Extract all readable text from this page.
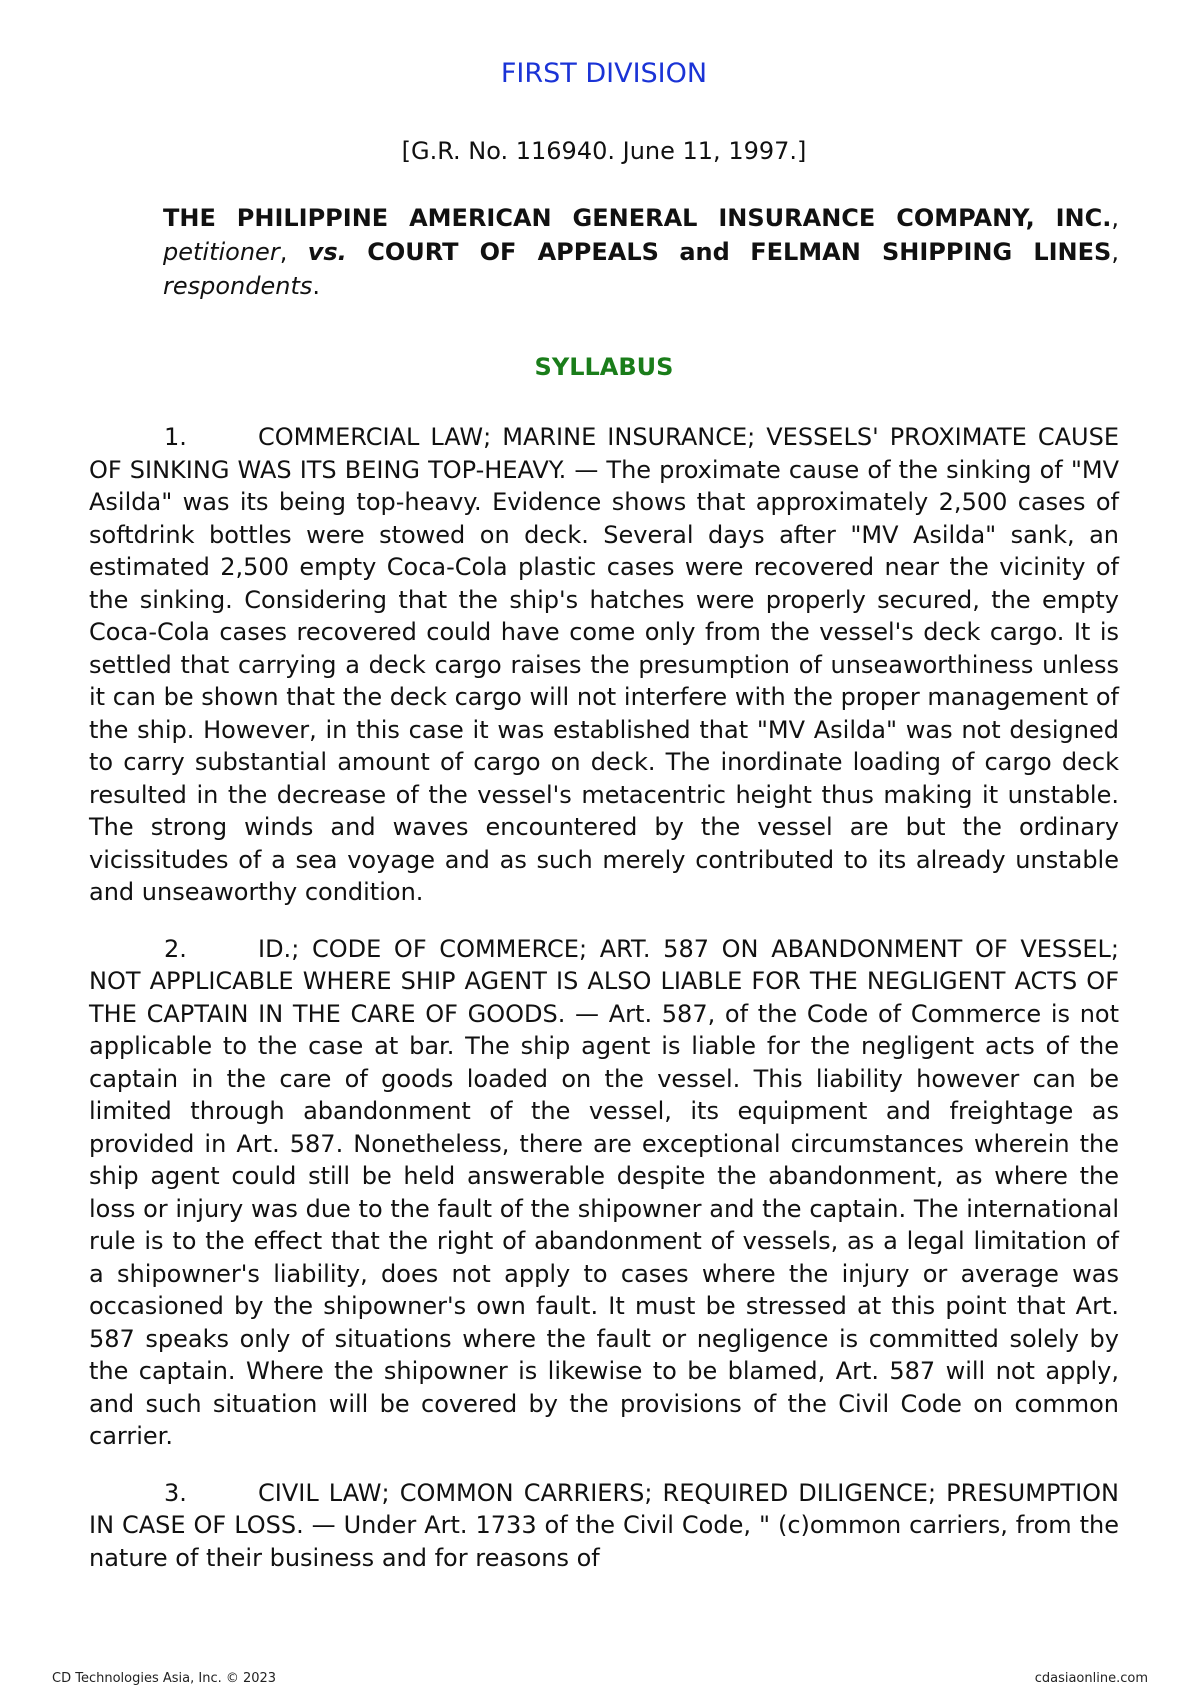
FIRST DIVISION
[G.R. No. 116940. June 11, 1997.]
THE PHILIPPINE AMERICAN GENERAL INSURANCE COMPANY, INC., petitioner, vs. COURT OF APPEALS and FELMAN SHIPPING LINES, respondents.
SYLLABUS

1.	COMMERCIAL LAW; MARINE INSURANCE; VESSELS' PROXIMATE CAUSE OF SINKING WAS ITS BEING TOP-HEAVY. — The proximate cause of the sinking of "MV Asilda" was its being top-heavy. Evidence shows that approximately 2,500 cases of softdrink bottles were stowed on deck. Several days after "MV Asilda" sank, an estimated 2,500 empty Coca-Cola plastic cases were recovered near the vicinity of the sinking. Considering that the ship's hatches were properly secured, the empty Coca-Cola cases recovered could have come only from the vessel's deck cargo. It is settled that carrying a deck cargo raises the presumption of unseaworthiness unless it can be shown that the deck cargo will not interfere with the proper management of the ship. However, in this case it was established that "MV Asilda" was not designed to carry substantial amount of cargo on deck. The inordinate loading of cargo deck resulted in the decrease of the vessel's metacentric height thus making it unstable. The strong winds and waves encountered by the vessel are but the ordinary vicissitudes of a sea voyage and as such merely contributed to its already unstable and unseaworthy condition.

2.	ID.; CODE OF COMMERCE; ART. 587 ON ABANDONMENT OF VESSEL; NOT APPLICABLE WHERE SHIP AGENT IS ALSO LIABLE FOR THE NEGLIGENT ACTS OF THE CAPTAIN IN THE CARE OF GOODS. — Art. 587, of the Code of Commerce is not applicable to the case at bar. The ship agent is liable for the negligent acts of the captain in the care of goods loaded on the vessel. This liability however can be limited through abandonment of the vessel, its equipment and freightage as provided in Art. 587. Nonetheless, there are exceptional circumstances wherein the ship agent could still be held answerable despite the abandonment, as where the loss or injury was due to the fault of the shipowner and the captain. The international rule is to the effect that the right of abandonment of vessels, as a legal limitation of a shipowner's liability, does not apply to cases where the injury or average was occasioned by the shipowner's own fault. It must be stressed at this point that Art. 587 speaks only of situations where the fault or negligence is committed solely by the captain. Where the shipowner is likewise to be blamed, Art. 587 will not apply, and such situation will be covered by the provisions of the Civil Code on common carrier.

3.	CIVIL LAW; COMMON CARRIERS; REQUIRED DILIGENCE; PRESUMPTION IN CASE OF LOSS. — Under Art. 1733 of the Civil Code, " (c)ommon carriers, from the nature of their business and for reasons of

CD Technologies Asia, Inc. © 2023	cdasiaonline.com
